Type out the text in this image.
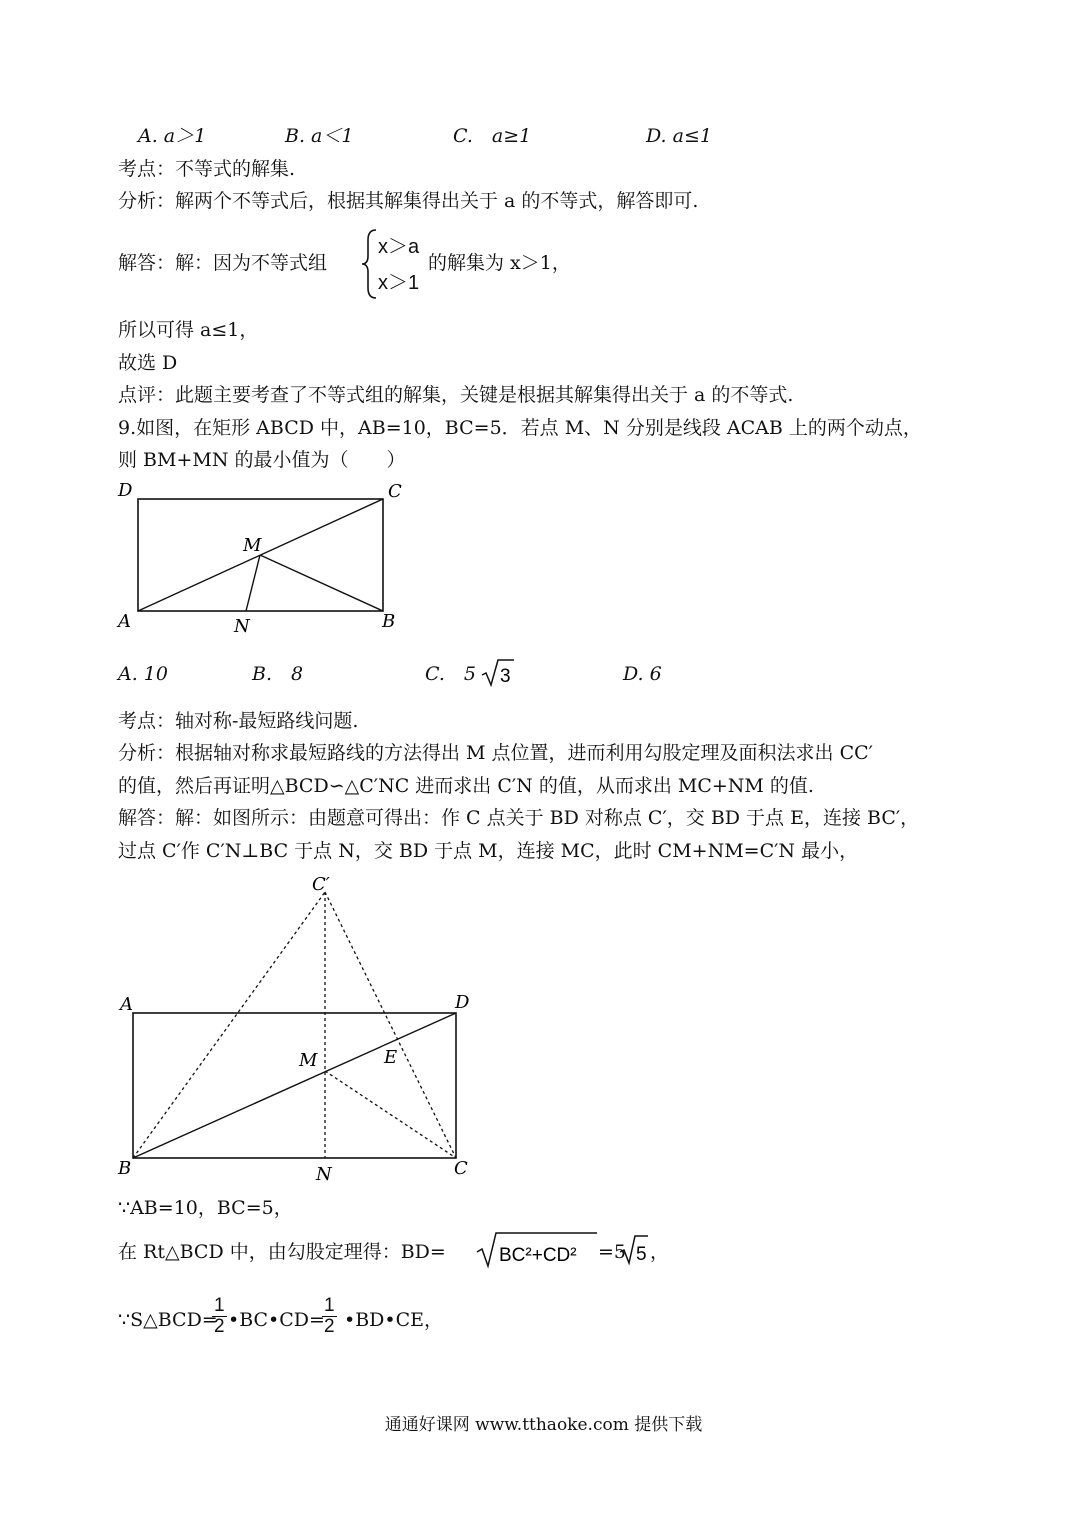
A. a＞1	B. a＜1	C.　a≥1	D. a≤1
考点：不等式的解集.
分析：解两个不等式后，根据其解集得出关于 a 的不等式，解答即可.
解答：解：因为不等式组
x＞a
x＞1
的解集为 x＞1，
所以可得 a≤1，
故选 D
点评：此题主要考查了不等式组的解集，关键是根据其解集得出关于 a 的不等式.
9.如图，在矩形 ABCD 中，AB=10，BC=5．若点 M、N 分别是线段 ACAB 上的两个动点，
则 BM+MN 的最小值为（　　）
D	C
M
A	N	B
A. 10	B.　8	C.　5 3	D. 6
考点：轴对称-最短路线问题.
分析：根据轴对称求最短路线的方法得出 M 点位置，进而利用勾股定理及面积法求出 CC′
的值，然后再证明△BCD∽△C′NC 进而求出 C′N 的值，从而求出 MC+NM 的值.
解答：解：如图所示：由题意可得出：作 C 点关于 BD 对称点 C′，交 BD 于点 E，连接 BC′，
过点 C′作 C′N⊥BC 于点 N，交 BD 于点 M，连接 MC，此时 CM+NM=C′N 最小，
C′
A	D
M	E
B	N	C
∵AB=10，BC=5，
在 Rt△BCD 中，由勾股定理得：BD=	BC²+CD² =5 5 ，
∵S△BCD=
$\frac{1}{2}$ •BC•CD=
$\frac{1}{2}$ •BD•CE，
通通好课网 www.tthaoke.com 提供下载
